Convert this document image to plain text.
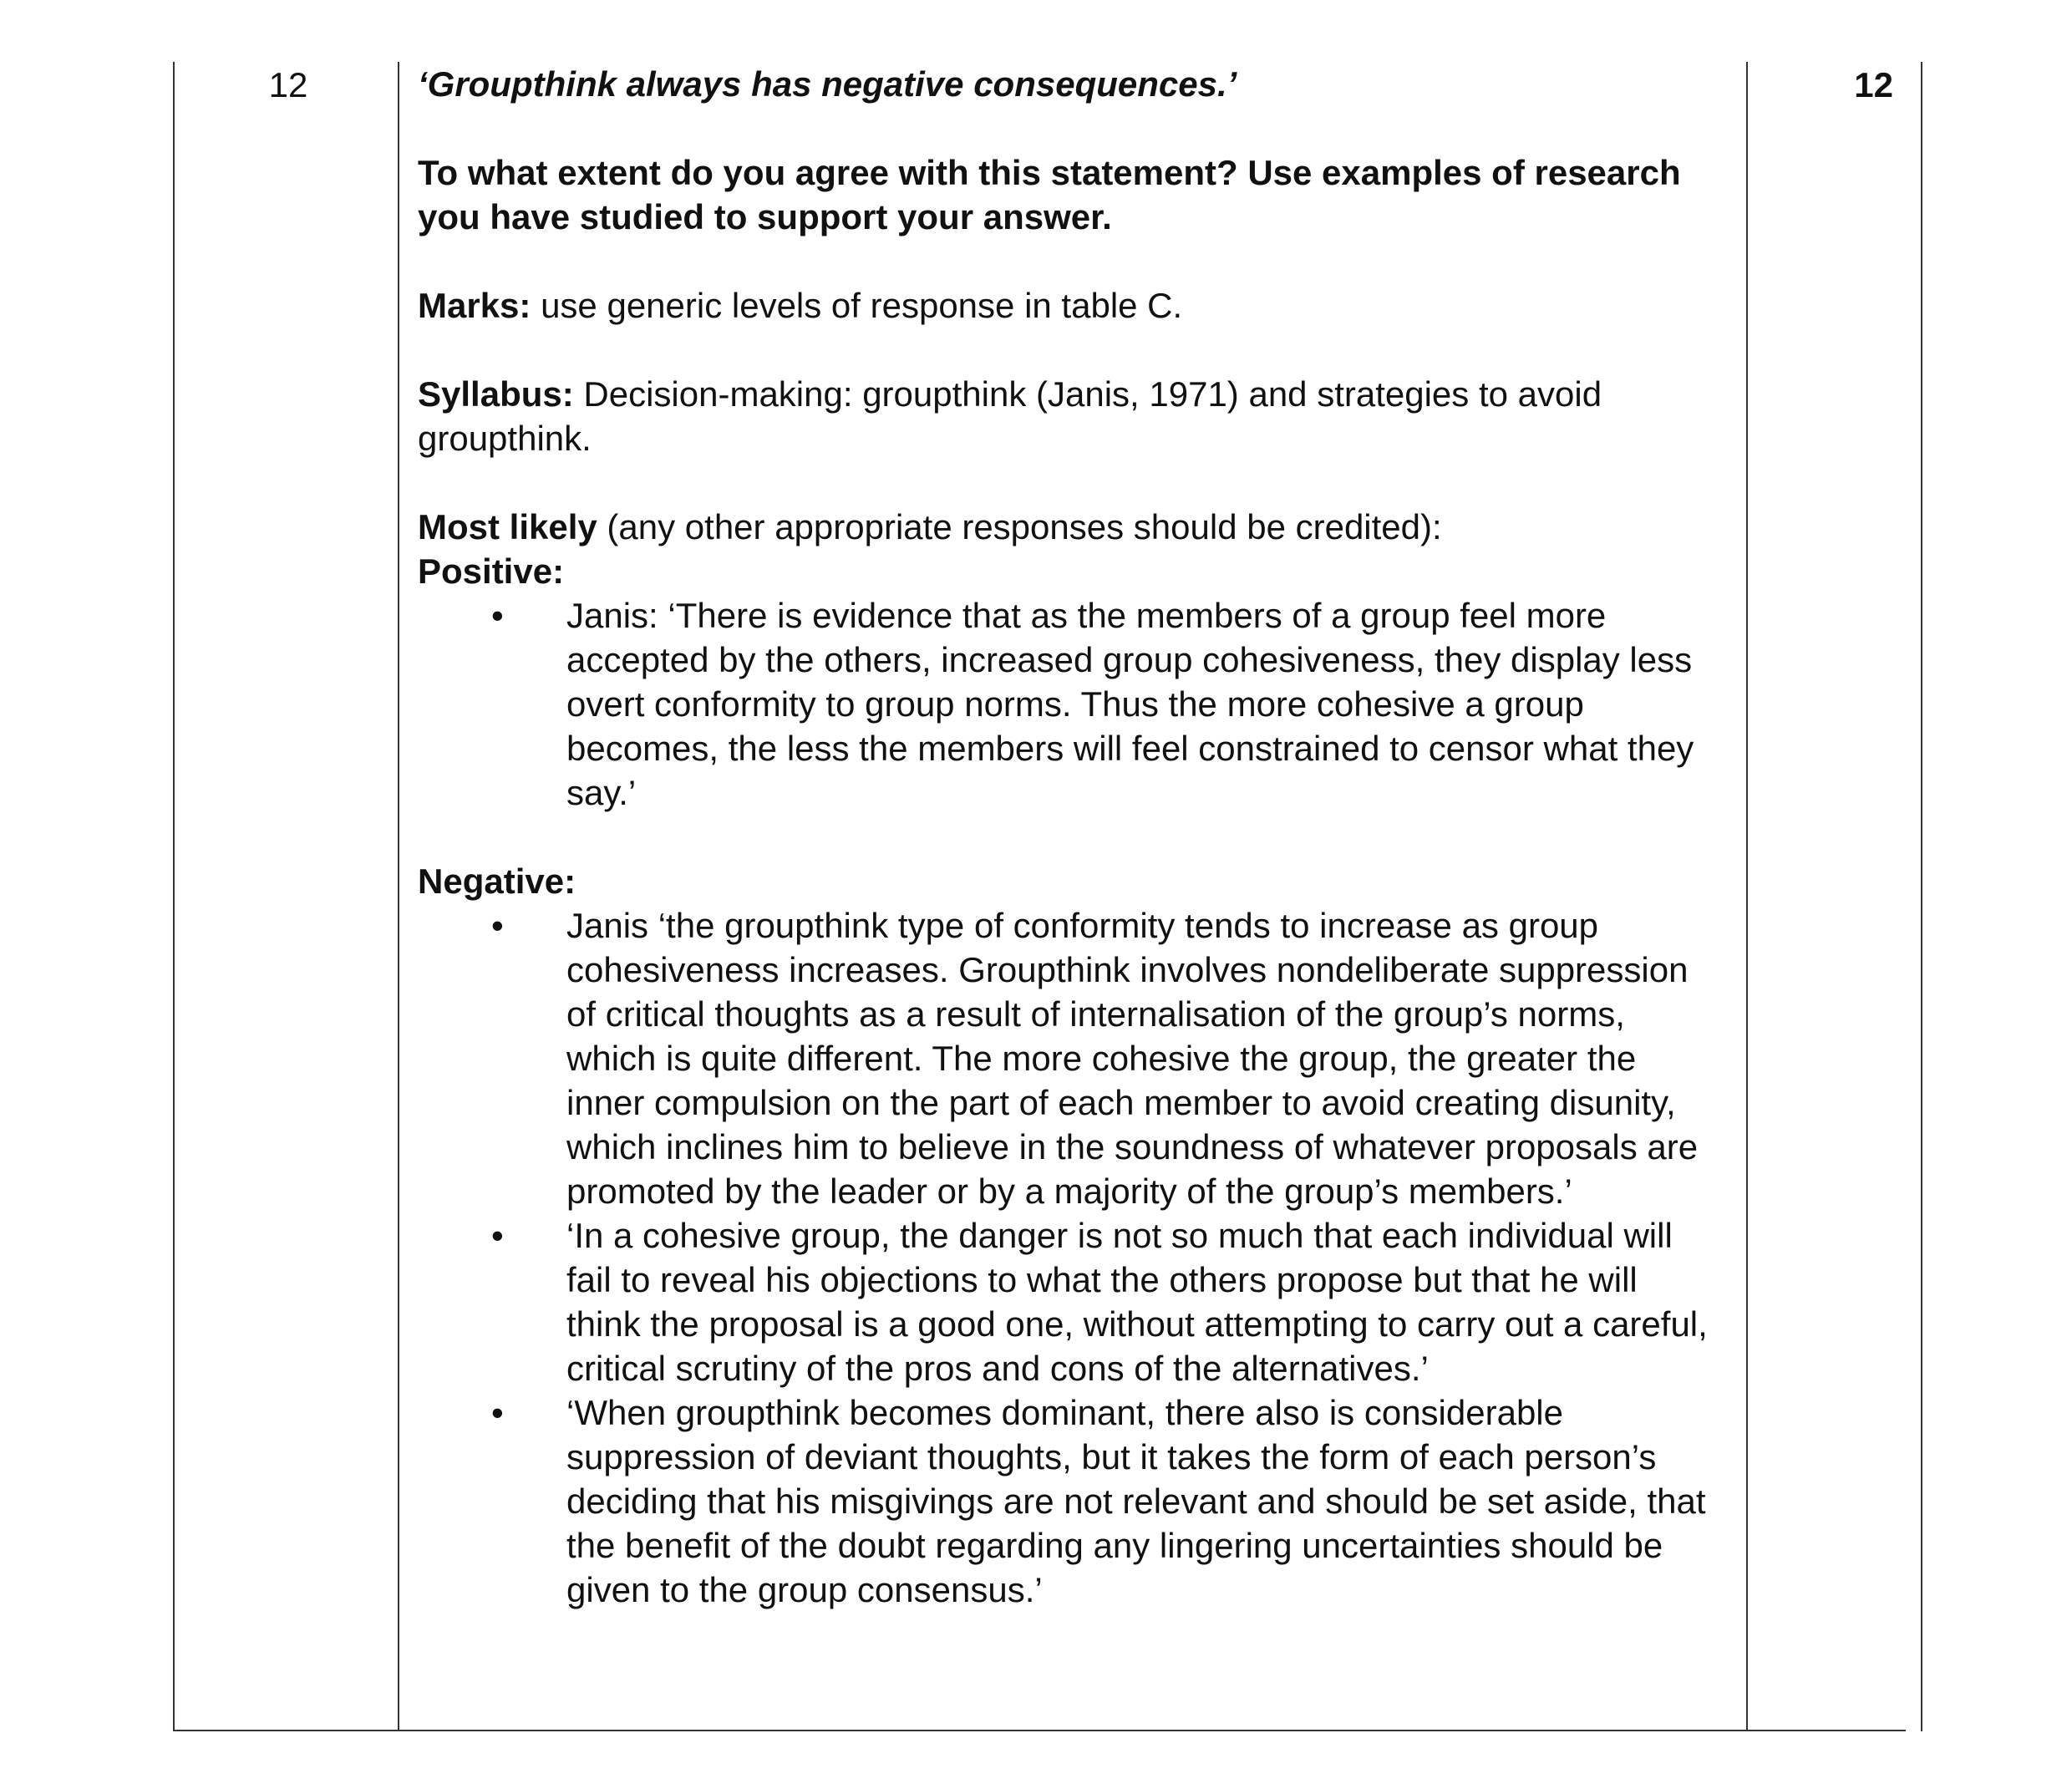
12	12

‘Groupthink always has negative consequences.’

To what extent do you agree with this statement? Use examples of research you have studied to support your answer.

Marks: use generic levels of response in table C.

Syllabus: Decision-making: groupthink (Janis, 1971) and strategies to avoid groupthink.

Most likely (any other appropriate responses should be credited):

Positive:

• Janis: ‘There is evidence that as the members of a group feel more accepted by the others, increased group cohesiveness, they display less overt conformity to group norms. Thus the more cohesive a group becomes, the less the members will feel constrained to censor what they say.’

Negative:

• Janis ‘the groupthink type of conformity tends to increase as group cohesiveness increases. Groupthink involves nondeliberate suppression of critical thoughts as a result of internalisation of the group’s norms, which is quite different. The more cohesive the group, the greater the inner compulsion on the part of each member to avoid creating disunity, which inclines him to believe in the soundness of whatever proposals are promoted by the leader or by a majority of the group’s members.’
• ‘In a cohesive group, the danger is not so much that each individual will fail to reveal his objections to what the others propose but that he will think the proposal is a good one, without attempting to carry out a careful, critical scrutiny of the pros and cons of the alternatives.’
• ‘When groupthink becomes dominant, there also is considerable suppression of deviant thoughts, but it takes the form of each person’s deciding that his misgivings are not relevant and should be set aside, that the benefit of the doubt regarding any lingering uncertainties should be given to the group consensus.’
